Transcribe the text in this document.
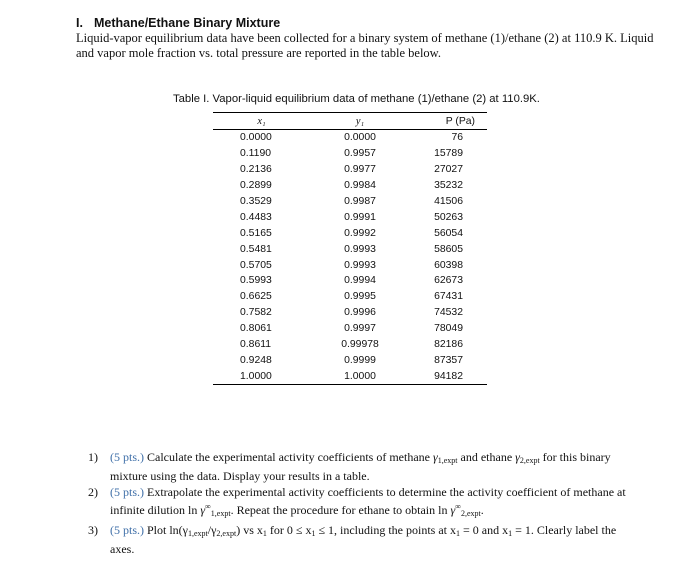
I. Methane/Ethane Binary Mixture
Liquid-vapor equilibrium data have been collected for a binary system of methane (1)/ethane (2) at 110.9 K. Liquid and vapor mole fraction vs. total pressure are reported in the table below.
Table I. Vapor-liquid equilibrium data of methane (1)/ethane (2) at 110.9K.
x₁	y₁	P (Pa)
0.0000	0.0000	76
0.1190	0.9957	15789
0.2136	0.9977	27027
0.2899	0.9984	35232
0.3529	0.9987	41506
0.4483	0.9991	50263
0.5165	0.9992	56054
0.5481	0.9993	58605
0.5705	0.9993	60398
0.5993	0.9994	62673
0.6625	0.9995	67431
0.7582	0.9996	74532
0.8061	0.9997	78049
0.8611	0.99978	82186
0.9248	0.9999	87357
1.0000	1.0000	94182
1)	(5 pts.) Calculate the experimental activity coefficients of methane $\gamma_{1,expt}$ and ethane $\gamma_{2,expt}$ for this binary mixture using the data. Display your results in a table.
2)	(5 pts.) Extrapolate the experimental activity coefficients to determine the activity coefficient of methane at infinite dilution $\ln \gamma^\infty_{1,expt}$. Repeat the procedure for ethane to obtain $\ln \gamma^\infty_{2,expt}$.
3)	(5 pts.) Plot $\ln(\gamma_{1,expt}/\gamma_{2,expt})$ vs $x_1$ for $0 \le x_1 \le 1$, including the points at $x_1 = 0$ and $x_1 = 1$. Clearly label the axes.
